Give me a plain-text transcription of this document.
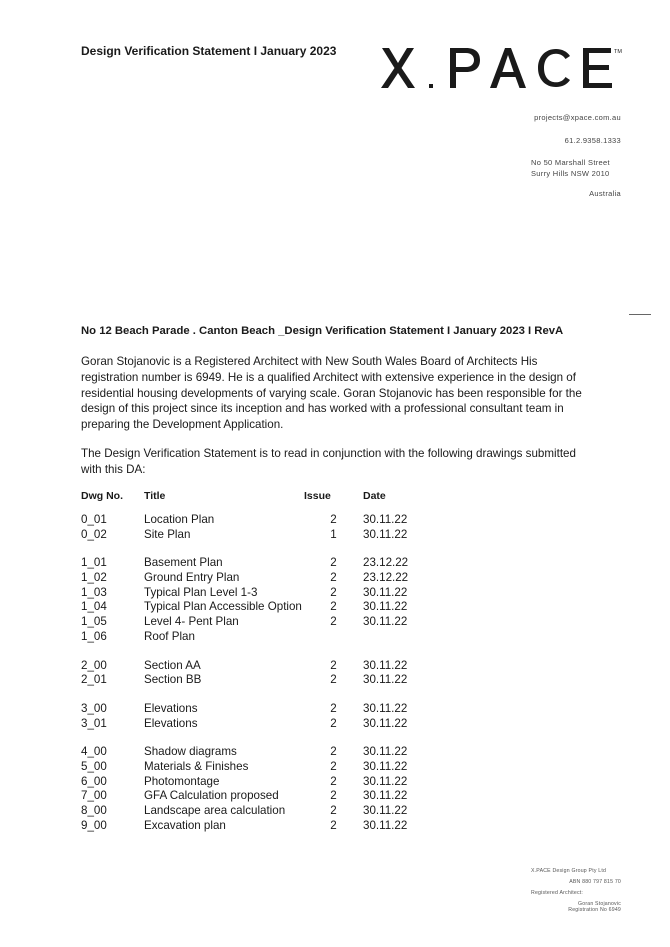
Design Verification Statement I January 2023	TM
projects@xpace.com.au
61.2.9358.1333
No 50 Marshall Street
Surry Hills NSW 2010
Australia
No 12 Beach Parade . Canton Beach _Design Verification Statement I January 2023 I RevA
Goran Stojanovic is a Registered Architect with New South Wales Board of Architects His registration number is 6949. He is a qualified Architect with extensive experience in the design of residential housing developments of varying scale. Goran Stojanovic has been responsible for the design of this project since its inception and has worked with a professional consultant team in preparing the Development Application.
The Design Verification Statement is to read in conjunction with the following drawings submitted with this DA:
Dwg No.	Title	Issue	Date
0_01	Location Plan	2	30.11.22
0_02	Site Plan	1	30.11.22
1_01	Basement Plan	2	23.12.22
1_02	Ground Entry Plan	2	23.12.22
1_03	Typical Plan Level 1-3	2	30.11.22
1_04	Typical Plan Accessible Option	2	30.11.22
1_05	Level 4- Pent Plan	2	30.11.22
1_06	Roof Plan		
2_00	Section AA	2	30.11.22
2_01	Section BB	2	30.11.22
3_00	Elevations	2	30.11.22
3_01	Elevations	2	30.11.22
4_00	Shadow diagrams	2	30.11.22
5_00	Materials & Finishes	2	30.11.22
6_00	Photomontage	2	30.11.22
7_00	GFA Calculation proposed	2	30.11.22
8_00	Landscape area calculation	2	30.11.22
9_00	Excavation plan	2	30.11.22
X.PACE Design Group Pty Ltd
ABN 880 797 815 70
Registered Architect:
Goran Stojanovic
Registration No 6949
